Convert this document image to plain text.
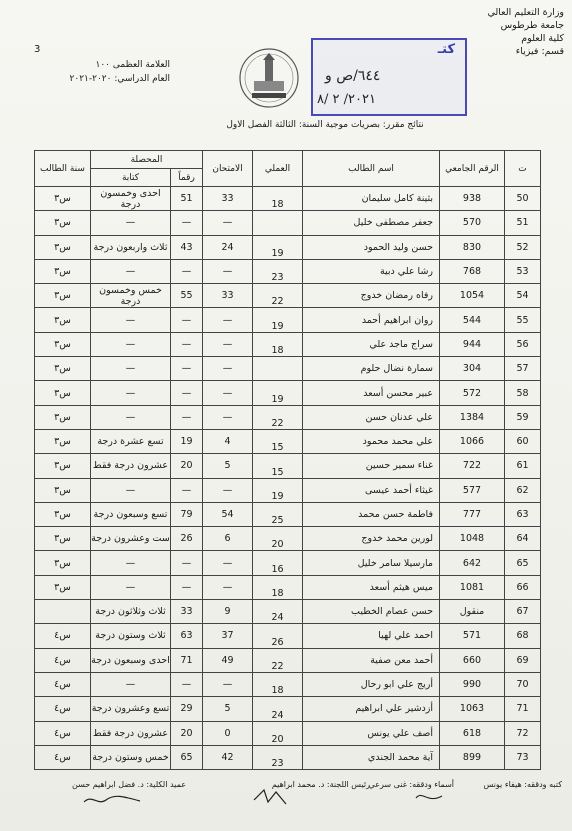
وزارة التعليم العالي
جامعة طرطوس
كلية العلوم
قسم: فيزياء
3
العلامة العظمى ١٠٠
العام الدراسي: ٢٠٢٠-٢٠٢١
كتـ
٦٤٤/ص و
٢٠٢١/ ٢ /٨
نتائج مقرر: بصريات موجية السنة: الثالثة الفصل الاول
ت	الرقم الجامعي	اسم الطالب	العملي	الامتحان	المحصلة		سنة الطالب
					رقماً	كتابة	
50	938	بثينة كامل سليمان	18	33	51	احدى وخمسون درجة	س٣
51	570	جعفر مصطفى خليل		—	—	—	س٣
52	830	حسن وليد الحمود	19	24	43	ثلاث واربعون درجة	س٣
53	768	رشا علي دبية	23	—	—	—	س٣
54	1054	رفاه رمضان خدوج	22	33	55	خمس وخمسون درجة	س٣
55	544	روان ابراهيم أحمد	19	—	—	—	س٣
56	944	سراج ماجد علي	18	—	—	—	س٣
57	304	سمارة نضال حلوم		—	—	—	س٣
58	572	عبير محسن أسعد	19	—	—	—	س٣
59	1384	علي عدنان حسن	22	—	—	—	س٣
60	1066	علي محمد محمود	15	4	19	تسع عشرة درجة	س٣
61	722	غناء سمير حسين	15	5	20	عشرون درجة فقط	س٣
62	577	غيثاء أحمد عيسى	19	—	—	—	س٣
63	777	فاطمة حسن محمد	25	54	79	تسع وسبعون درجة	س٣
64	1048	لورين محمد خدوج	20	6	26	ست وعشرون درجة	س٣
65	642	مارسيلا سامر خليل	16	—	—	—	س٣
66	1081	ميس هيثم أسعد	18	—	—	—	س٣
67	منقول	حسن عصام الخطيب	24	9	33	ثلاث وثلاثون درجة	
68	571	احمد علي لهيا	26	37	63	ثلاث وستون درجة	س٤
69	660	أحمد معن صفية	22	49	71	احدى وسبعون درجة	س٤
70	990	أريج علي ابو رحال	18	—	—	—	س٤
71	1063	أزدشير علي ابراهيم	24	5	29	تسع وعشرون درجة	س٤
72	618	أصف علي يونس	20	0	20	عشرون درجة فقط	س٤
73	899	آية محمد الجندي	23	42	65	خمس وستون درجة	س٤
كتبه ودققه: هيفاء يونس
أسماء ودققه: غنى سرعي
رئيس اللجنة: د. محمد ابراهيم
عميد الكلية: د. فضل ابراهيم حسن
